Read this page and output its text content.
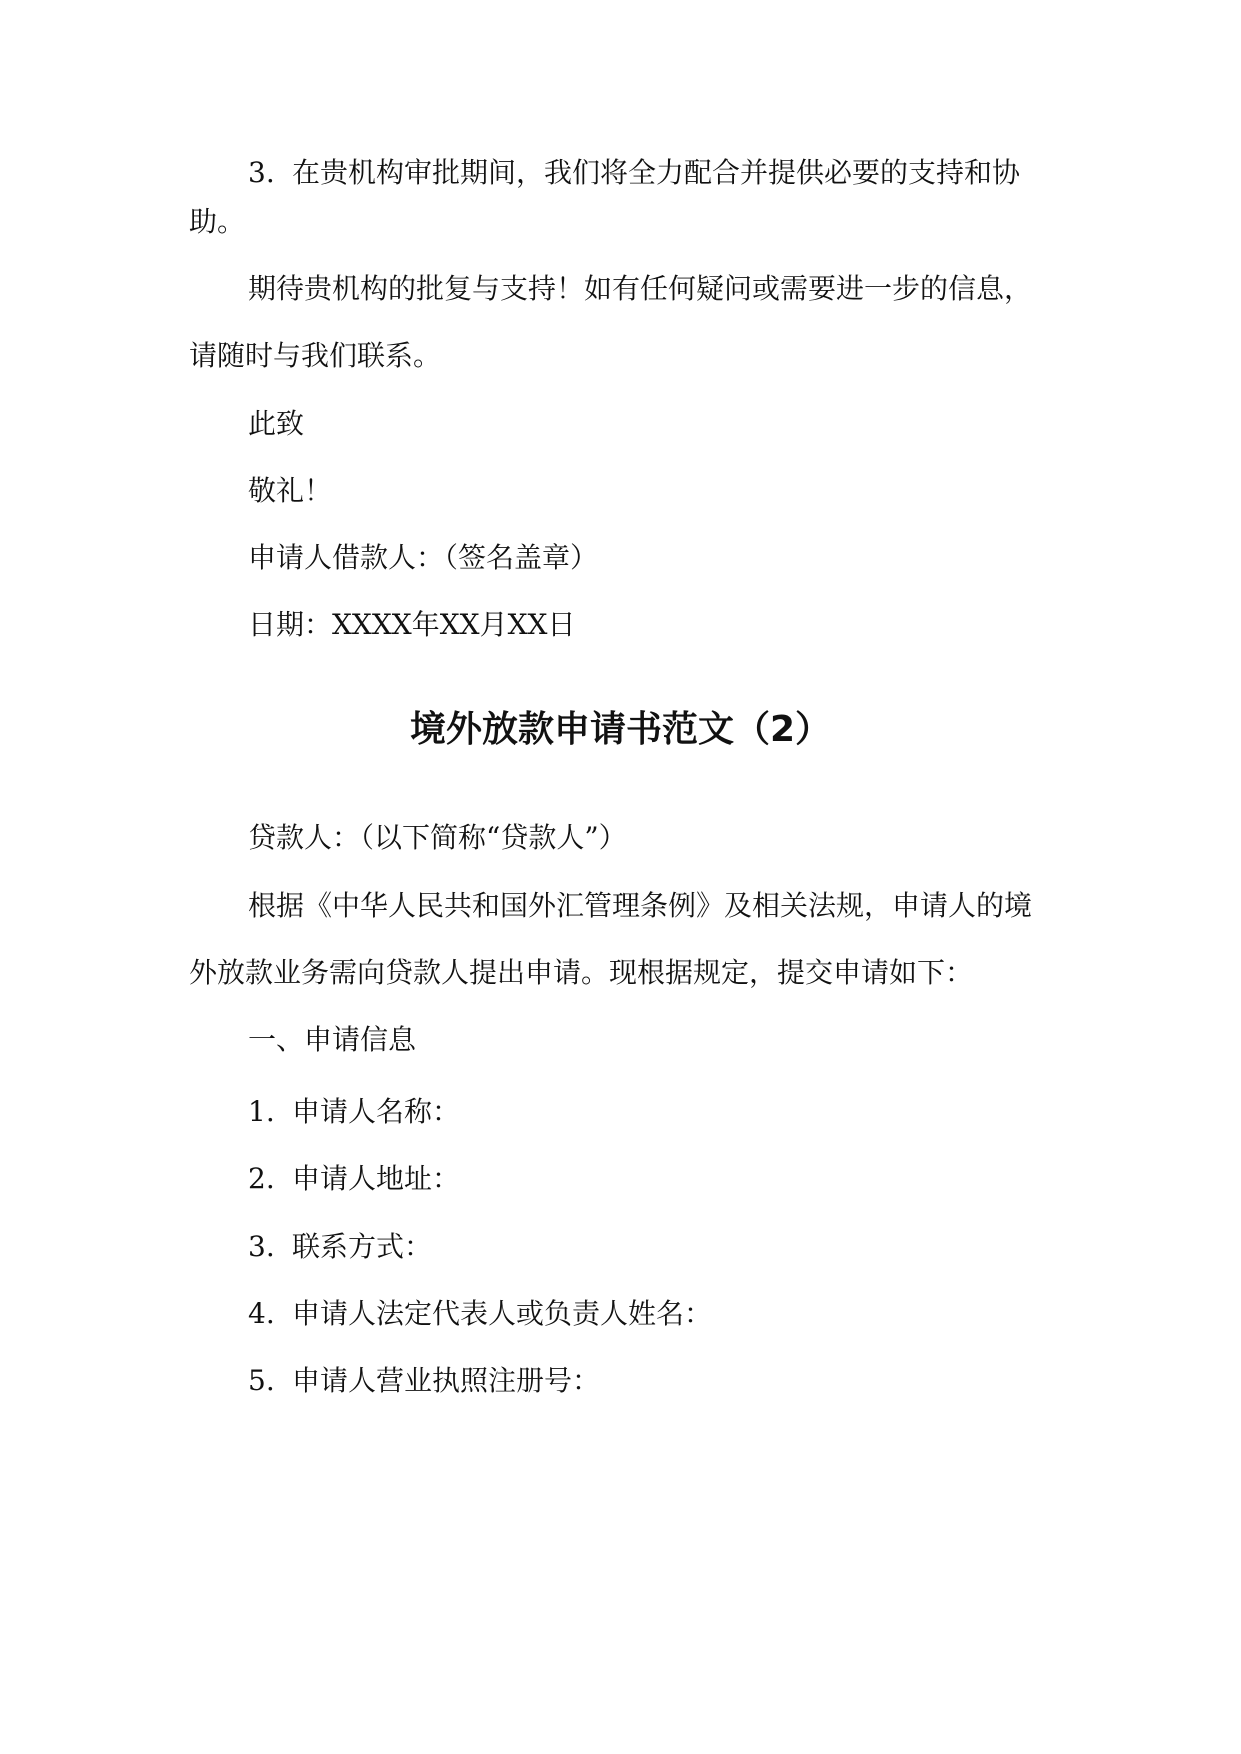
3. 在贵机构审批期间，我们将全力配合并提供必要的支持和协
助。
期待贵机构的批复与支持！如有任何疑问或需要进一步的信息，
请随时与我们联系。
此致
敬礼！
申请人借款人：（签名盖章）
日期：XXXX年XX月XX日
境外放款申请书范文（2）
贷款人：（以下简称“贷款人”）
根据《中华人民共和国外汇管理条例》及相关法规，申请人的境
外放款业务需向贷款人提出申请。现根据规定，提交申请如下：
一、申请信息
1. 申请人名称：
2. 申请人地址：
3. 联系方式：
4. 申请人法定代表人或负责人姓名：
5. 申请人营业执照注册号：
